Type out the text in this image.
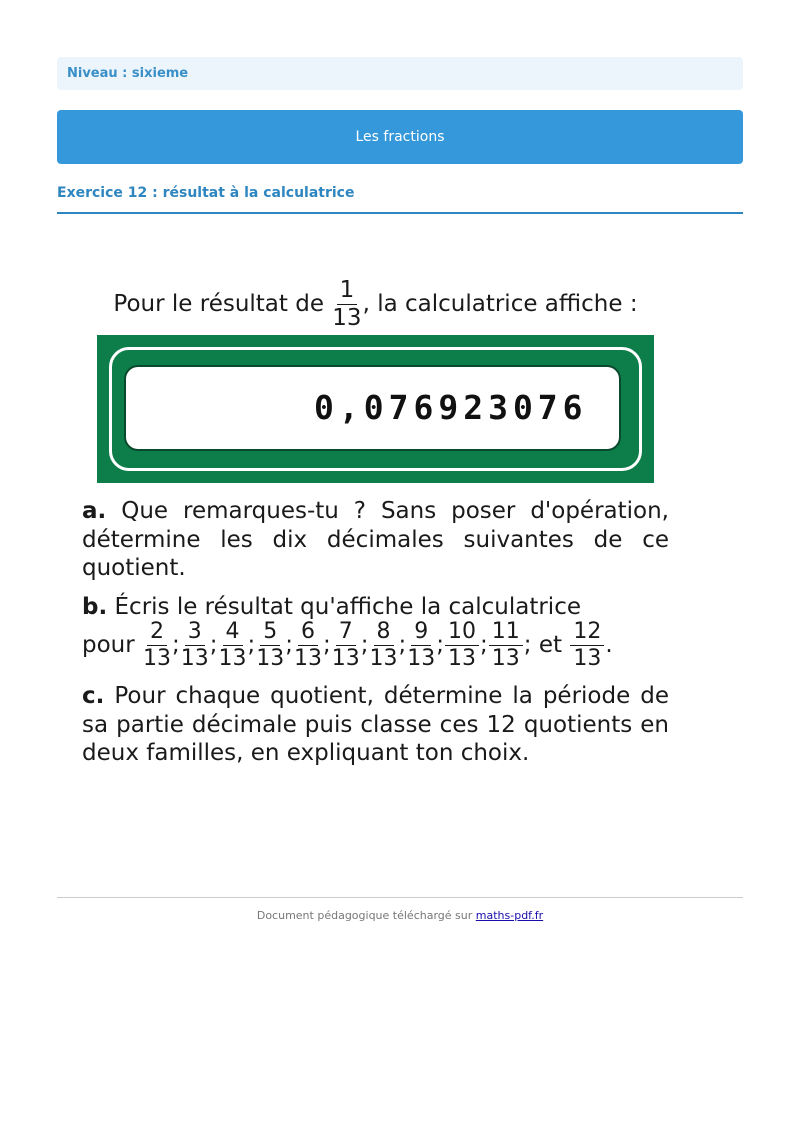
Niveau : sixieme
Les fractions
Exercice 12 : résultat à la calculatrice
Pour le résultat de $\frac{1}{13}$ , la calculatrice affiche :
0,076923076
a. Que remarques-tu ? Sans poser d'opération, détermine les dix décimales suivantes de ce quotient.
b. Écris le résultat qu'affiche la calculatrice
pour $\frac{2}{13}$ ; $\frac{3}{13}$ ; $\frac{4}{13}$ ; $\frac{5}{13}$ ; $\frac{6}{13}$ ; $\frac{7}{13}$ ; $\frac{8}{13}$ ; $\frac{9}{13}$ ; $\frac{10}{13}$ ; $\frac{11}{13}$ ; et $\frac{12}{13}$ .
c. Pour chaque quotient, détermine la période de sa partie décimale puis classe ces 12 quotients en deux familles, en expliquant ton choix.
Document pédagogique téléchargé sur maths-pdf.fr
